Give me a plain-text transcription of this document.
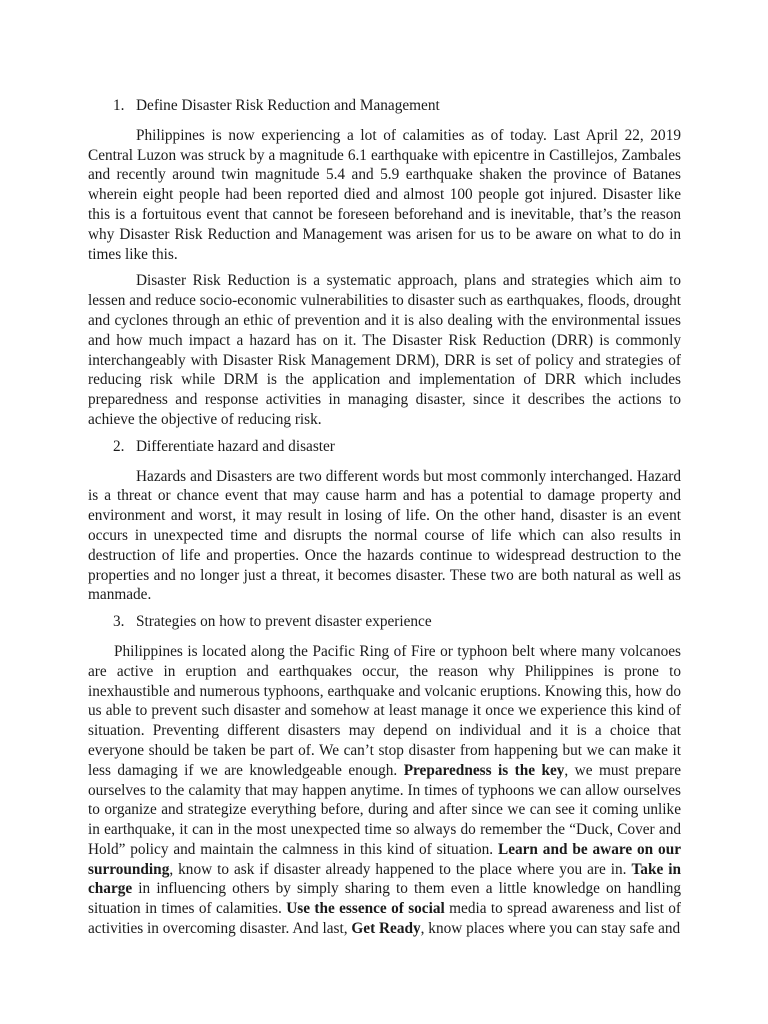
1. Define Disaster Risk Reduction and Management

Philippines is now experiencing a lot of calamities as of today. Last April 22, 2019 Central Luzon was struck by a magnitude 6.1 earthquake with epicentre in Castillejos, Zambales and recently around twin magnitude 5.4 and 5.9 earthquake shaken the province of Batanes wherein eight people had been reported died and almost 100 people got injured. Disaster like this is a fortuitous event that cannot be foreseen beforehand and is inevitable, that’s the reason why Disaster Risk Reduction and Management was arisen for us to be aware on what to do in times like this.

Disaster Risk Reduction is a systematic approach, plans and strategies which aim to lessen and reduce socio-economic vulnerabilities to disaster such as earthquakes, floods, drought and cyclones through an ethic of prevention and it is also dealing with the environmental issues and how much impact a hazard has on it. The Disaster Risk Reduction (DRR) is commonly interchangeably with Disaster Risk Management DRM), DRR is set of policy and strategies of reducing risk while DRM is the application and implementation of DRR which includes preparedness and response activities in managing disaster, since it describes the actions to achieve the objective of reducing risk.

2. Differentiate hazard and disaster

Hazards and Disasters are two different words but most commonly interchanged. Hazard is a threat or chance event that may cause harm and has a potential to damage property and environment and worst, it may result in losing of life. On the other hand, disaster is an event occurs in unexpected time and disrupts the normal course of life which can also results in destruction of life and properties. Once the hazards continue to widespread destruction to the properties and no longer just a threat, it becomes disaster. These two are both natural as well as manmade.

3. Strategies on how to prevent disaster experience

Philippines is located along the Pacific Ring of Fire or typhoon belt where many volcanoes are active in eruption and earthquakes occur, the reason why Philippines is prone to inexhaustible and numerous typhoons, earthquake and volcanic eruptions. Knowing this, how do us able to prevent such disaster and somehow at least manage it once we experience this kind of situation. Preventing different disasters may depend on individual and it is a choice that everyone should be taken be part of. We can’t stop disaster from happening but we can make it less damaging if we are knowledgeable enough. Preparedness is the key, we must prepare ourselves to the calamity that may happen anytime. In times of typhoons we can allow ourselves to organize and strategize everything before, during and after since we can see it coming unlike in earthquake, it can in the most unexpected time so always do remember the “Duck, Cover and Hold” policy and maintain the calmness in this kind of situation. Learn and be aware on our surrounding, know to ask if disaster already happened to the place where you are in. Take in charge in influencing others by simply sharing to them even a little knowledge on handling situation in times of calamities. Use the essence of social media to spread awareness and list of activities in overcoming disaster. And last, Get Ready, know places where you can stay safe and
